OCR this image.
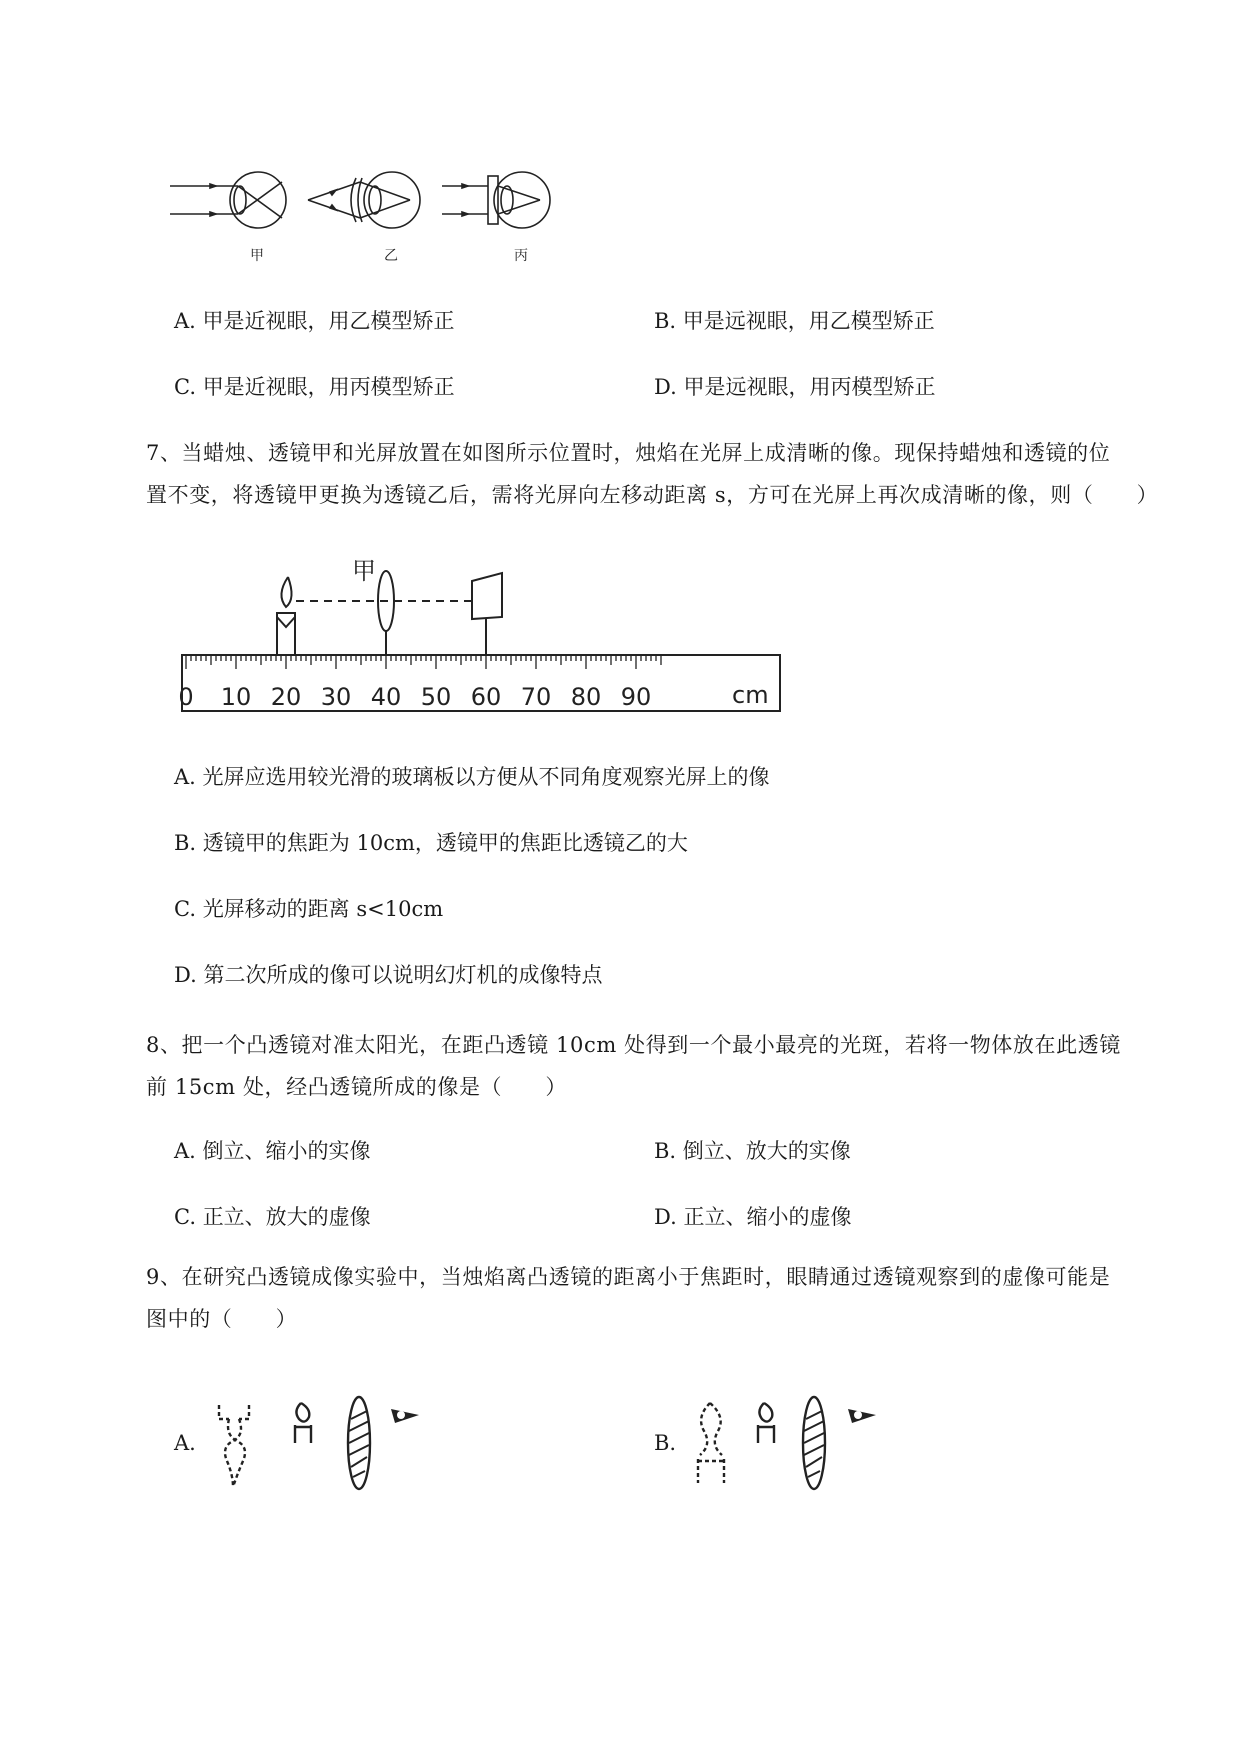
甲	乙	丙
A. 甲是近视眼，用乙模型矫正	B. 甲是远视眼，用乙模型矫正
C. 甲是近视眼，用丙模型矫正	D. 甲是远视眼，用丙模型矫正
7、当蜡烛、透镜甲和光屏放置在如图所示位置时，烛焰在光屏上成清晰的像。现保持蜡烛和透镜的位
置不变，将透镜甲更换为透镜乙后，需将光屏向左移动距离 s，方可在光屏上再次成清晰的像，则（　　）
0 10 20 30 40 50 60 70 80 90	cm
甲
A. 光屏应选用较光滑的玻璃板以方便从不同角度观察光屏上的像
B. 透镜甲的焦距为 10cm，透镜甲的焦距比透镜乙的大
C. 光屏移动的距离 s<10cm
D. 第二次所成的像可以说明幻灯机的成像特点
8、把一个凸透镜对准太阳光，在距凸透镜 10cm 处得到一个最小最亮的光斑，若将一物体放在此透镜
前 15cm 处，经凸透镜所成的像是（　　）
A. 倒立、缩小的实像	B. 倒立、放大的实像
C. 正立、放大的虚像	D. 正立、缩小的虚像
9、在研究凸透镜成像实验中，当烛焰离凸透镜的距离小于焦距时，眼睛通过透镜观察到的虚像可能是
图中的（　　）
A.	B.
